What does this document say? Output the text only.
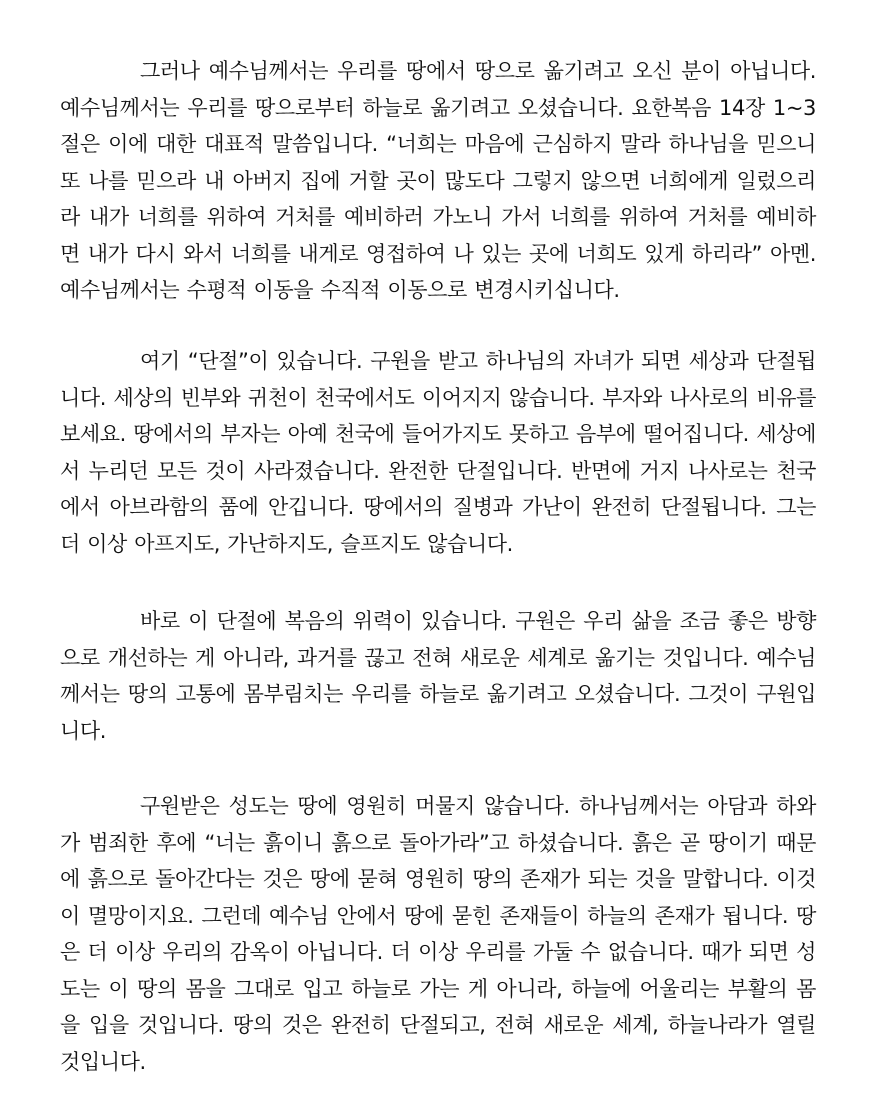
그러나 예수님께서는 우리를 땅에서 땅으로 옮기려고 오신 분이 아닙니다. 예수님께서는 우리를 땅으로부터 하늘로 옮기려고 오셨습니다. 요한복음 14장 1~3절은 이에 대한 대표적 말씀입니다. “너희는 마음에 근심하지 말라 하나님을 믿으니 또 나를 믿으라 내 아버지 집에 거할 곳이 많도다 그렇지 않으면 너희에게 일렀으리라 내가 너희를 위하여 거처를 예비하러 가노니 가서 너희를 위하여 거처를 예비하면 내가 다시 와서 너희를 내게로 영접하여 나 있는 곳에 너희도 있게 하리라” 아멘. 예수님께서는 수평적 이동을 수직적 이동으로 변경시키십니다.

여기 “단절”이 있습니다. 구원을 받고 하나님의 자녀가 되면 세상과 단절됩니다. 세상의 빈부와 귀천이 천국에서도 이어지지 않습니다. 부자와 나사로의 비유를 보세요. 땅에서의 부자는 아예 천국에 들어가지도 못하고 음부에 떨어집니다. 세상에서 누리던 모든 것이 사라졌습니다. 완전한 단절입니다. 반면에 거지 나사로는 천국에서 아브라함의 품에 안깁니다. 땅에서의 질병과 가난이 완전히 단절됩니다. 그는 더 이상 아프지도, 가난하지도, 슬프지도 않습니다.

바로 이 단절에 복음의 위력이 있습니다. 구원은 우리 삶을 조금 좋은 방향으로 개선하는 게 아니라, 과거를 끊고 전혀 새로운 세계로 옮기는 것입니다. 예수님께서는 땅의 고통에 몸부림치는 우리를 하늘로 옮기려고 오셨습니다. 그것이 구원입니다.

구원받은 성도는 땅에 영원히 머물지 않습니다. 하나님께서는 아담과 하와가 범죄한 후에 “너는 흙이니 흙으로 돌아가라”고 하셨습니다. 흙은 곧 땅이기 때문에 흙으로 돌아간다는 것은 땅에 묻혀 영원히 땅의 존재가 되는 것을 말합니다. 이것이 멸망이지요. 그런데 예수님 안에서 땅에 묻힌 존재들이 하늘의 존재가 됩니다. 땅은 더 이상 우리의 감옥이 아닙니다. 더 이상 우리를 가둘 수 없습니다. 때가 되면 성도는 이 땅의 몸을 그대로 입고 하늘로 가는 게 아니라, 하늘에 어울리는 부활의 몸을 입을 것입니다. 땅의 것은 완전히 단절되고, 전혀 새로운 세계, 하늘나라가 열릴 것입니다.
